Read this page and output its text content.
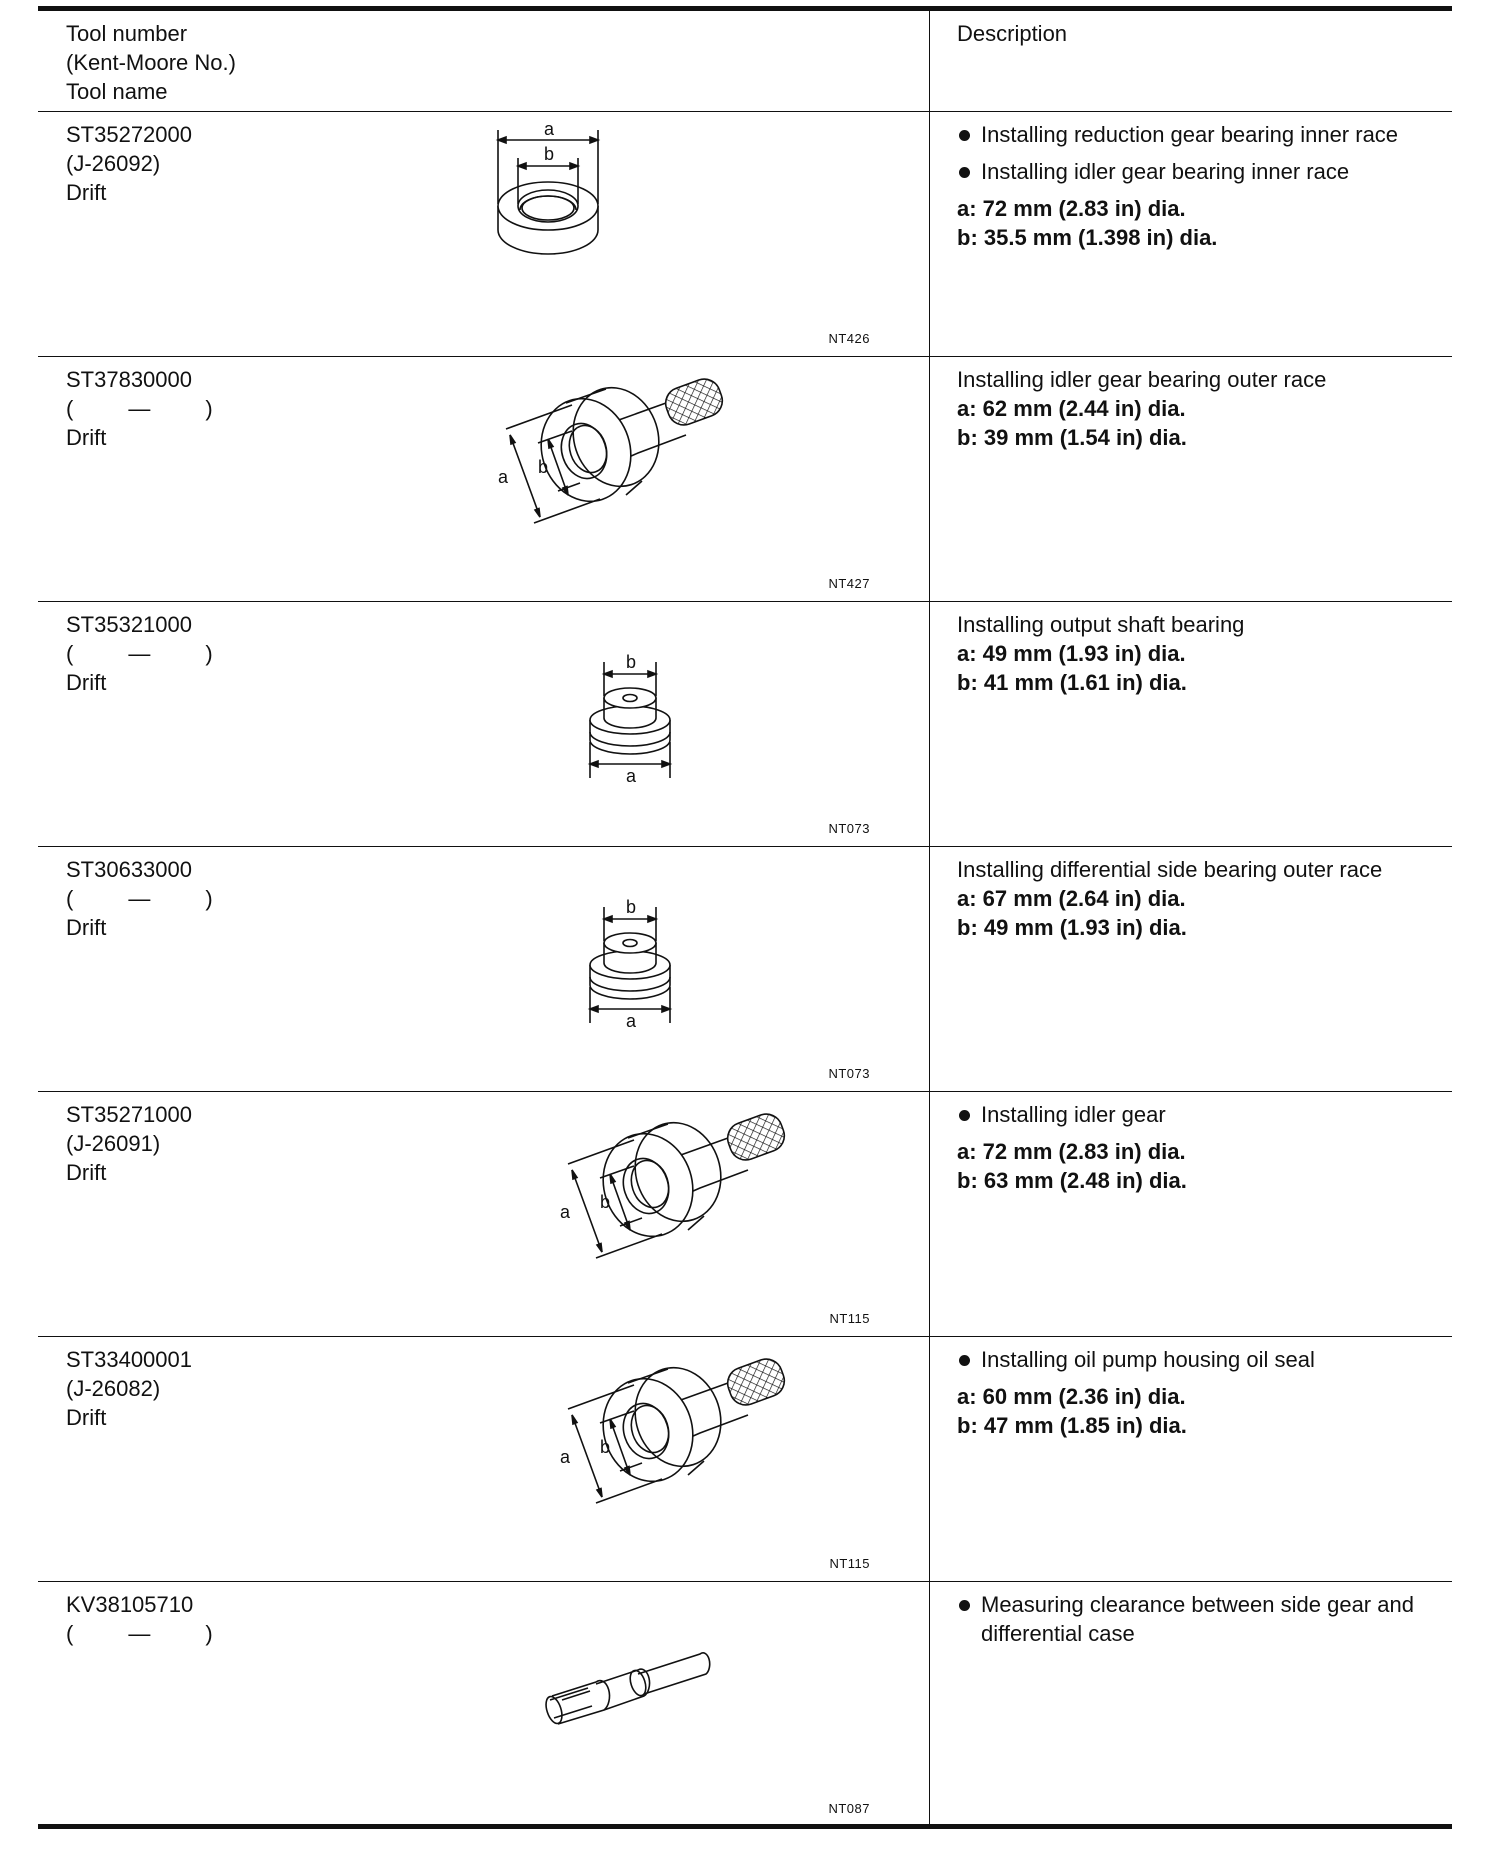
Tool number
(Kent-Moore No.)
Tool name
Description
ST35272000
(J-26092)
Drift
a
b
NT426
Installing reduction gear bearing inner race
Installing idler gear bearing inner race
a: 72 mm (2.83 in) dia.
b: 35.5 mm (1.398 in) dia.
ST37830000
(         —         )
Drift
a b
NT427
Installing idler gear bearing outer race
a: 62 mm (2.44 in) dia.
b: 39 mm (1.54 in) dia.
ST35321000
(         —         )
Drift
b
a
NT073
Installing output shaft bearing
a: 49 mm (1.93 in) dia.
b: 41 mm (1.61 in) dia.
ST30633000
(         —         )
Drift
b
a
NT073
Installing differential side bearing outer race
a: 67 mm (2.64 in) dia.
b: 49 mm (1.93 in) dia.
ST35271000
(J-26091)
Drift
a b
NT115
Installing idler gear
a: 72 mm (2.83 in) dia.
b: 63 mm (2.48 in) dia.
ST33400001
(J-26082)
Drift
a b
NT115
Installing oil pump housing oil seal
a: 60 mm (2.36 in) dia.
b: 47 mm (1.85 in) dia.
KV38105710
(         —         )
NT087
Measuring clearance between side gear and differential case
